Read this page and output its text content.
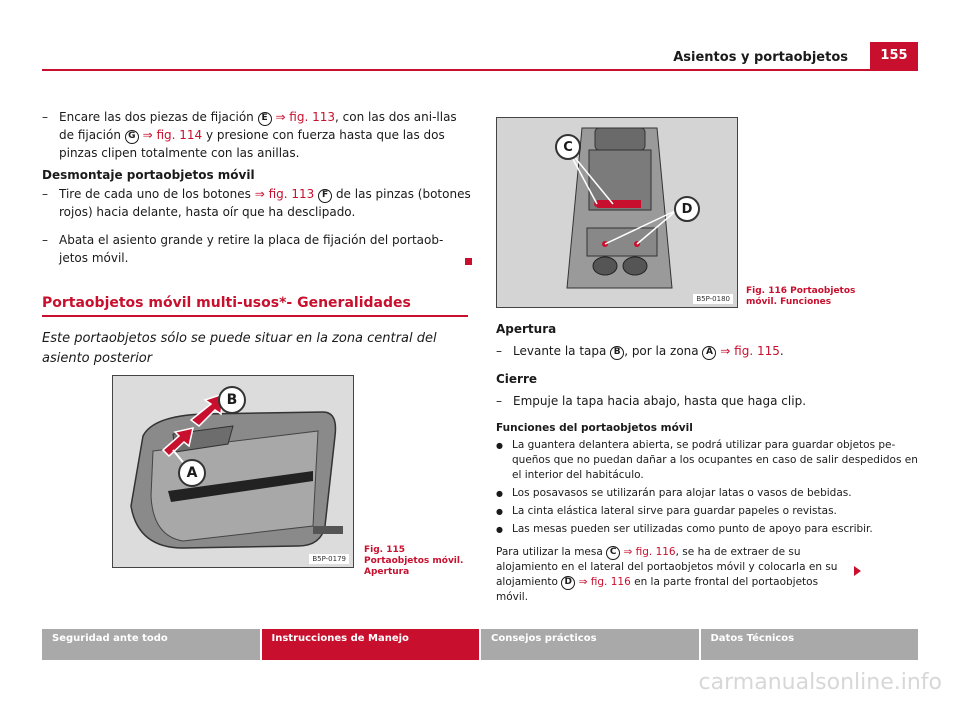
Asientos y portaobjetos	155

– Encare las dos piezas de fijación E ⇒ fig. 113, con las dos ani-llas de fijación G ⇒ fig. 114 y presione con fuerza hasta que las dos pinzas clipen totalmente con las anillas.

Desmontaje portaobjetos móvil

– Tire de cada uno de los botones ⇒ fig. 113 F de las pinzas (botones rojos) hacia delante, hasta oír que ha desclipado.

– Abata el asiento grande y retire la placa de fijación del portaob-jetos móvil.

Portaobjetos móvil multi-usos*- Generalidades

Este portaobjetos sólo se puede situar en la zona central del asiento posterior

B
A
B5P-0179
Fig. 115 Portaobjetos móvil. Apertura
C
D
B5P-0180
Fig. 116 Portaobjetos móvil. Funciones

Apertura

– Levante la tapa B , por la zona A ⇒ fig. 115.

Cierre

– Empuje la tapa hacia abajo, hasta que haga clip.

Funciones del portaobjetos móvil

● La guantera delantera abierta, se podrá utilizar para guardar objetos pe-queños que no puedan dañar a los ocupantes en caso de salir despedidos en el interior del habitáculo.

● Los posavasos se utilizarán para alojar latas o vasos de bebidas.

● La cinta elástica lateral sirve para guardar papeles o revistas.

● Las mesas pueden ser utilizadas como punto de apoyo para escribir.

Para utilizar la mesa C ⇒ fig. 116, se ha de extraer de su alojamiento en el lateral del portaobjetos móvil y colocarla en su alojamiento D ⇒ fig. 116 en la parte frontal del portaobjetos móvil.

Seguridad ante todo	Instrucciones de Manejo	Consejos prácticos	Datos Técnicos
carmanualsonline.info
